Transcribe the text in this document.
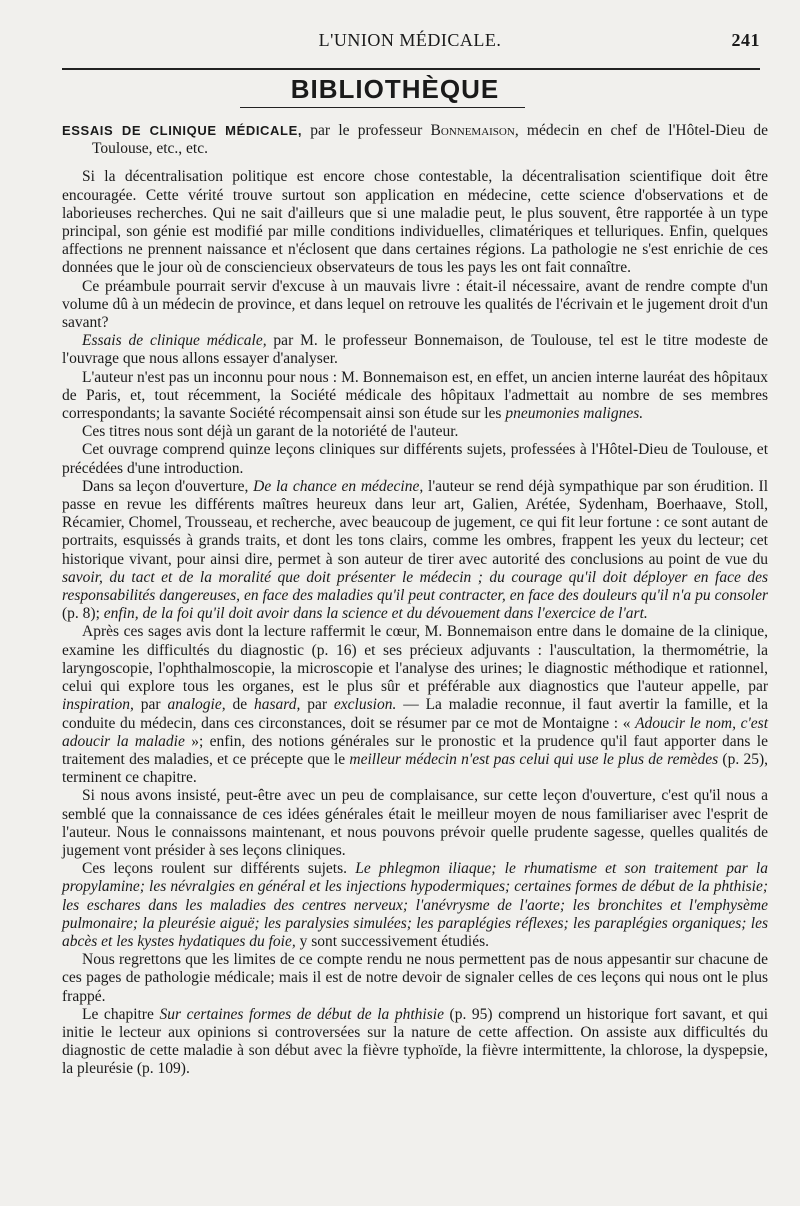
L'UNION MÉDICALE.	241
BIBLIOTHÈQUE

ESSAIS DE CLINIQUE MÉDICALE, par le professeur Bonnemaison, médecin en chef de l'Hôtel-Dieu de Toulouse, etc., etc.

Si la décentralisation politique est encore chose contestable, la décentralisation scientifique doit être encouragée. Cette vérité trouve surtout son application en médecine, cette science d'observations et de laborieuses recherches. Qui ne sait d'ailleurs que si une maladie peut, le plus souvent, être rapportée à un type principal, son génie est modifié par mille conditions individuelles, climatériques et telluriques. Enfin, quelques affections ne prennent naissance et n'éclosent que dans certaines régions. La pathologie ne s'est enrichie de ces données que le jour où de consciencieux observateurs de tous les pays les ont fait connaître.

Ce préambule pourrait servir d'excuse à un mauvais livre : était-il nécessaire, avant de rendre compte d'un volume dû à un médecin de province, et dans lequel on retrouve les qualités de l'écrivain et le jugement droit d'un savant?

Essais de clinique médicale, par M. le professeur Bonnemaison, de Toulouse, tel est le titre modeste de l'ouvrage que nous allons essayer d'analyser.

L'auteur n'est pas un inconnu pour nous : M. Bonnemaison est, en effet, un ancien interne lauréat des hôpitaux de Paris, et, tout récemment, la Société médicale des hôpitaux l'admettait au nombre de ses membres correspondants; la savante Société récompensait ainsi son étude sur les pneumonies malignes.

Ces titres nous sont déjà un garant de la notoriété de l'auteur.

Cet ouvrage comprend quinze leçons cliniques sur différents sujets, professées à l'Hôtel-Dieu de Toulouse, et précédées d'une introduction.

Dans sa leçon d'ouverture, De la chance en médecine, l'auteur se rend déjà sympathique par son érudition. Il passe en revue les différents maîtres heureux dans leur art, Galien, Arétée, Sydenham, Boerhaave, Stoll, Récamier, Chomel, Trousseau, et recherche, avec beaucoup de jugement, ce qui fit leur fortune : ce sont autant de portraits, esquissés à grands traits, et dont les tons clairs, comme les ombres, frappent les yeux du lecteur; cet historique vivant, pour ainsi dire, permet à son auteur de tirer avec autorité des conclusions au point de vue du savoir, du tact et de la moralité que doit présenter le médecin ; du courage qu'il doit déployer en face des responsabilités dangereuses, en face des maladies qu'il peut contracter, en face des douleurs qu'il n'a pu consoler (p. 8); enfin, de la foi qu'il doit avoir dans la science et du dévouement dans l'exercice de l'art.

Après ces sages avis dont la lecture raffermit le cœur, M. Bonnemaison entre dans le domaine de la clinique, examine les difficultés du diagnostic (p. 16) et ses précieux adjuvants : l'auscultation, la thermométrie, la laryngoscopie, l'ophthalmoscopie, la microscopie et l'analyse des urines; le diagnostic méthodique et rationnel, celui qui explore tous les organes, est le plus sûr et préférable aux diagnostics que l'auteur appelle, par inspiration, par analogie, de hasard, par exclusion. — La maladie reconnue, il faut avertir la famille, et la conduite du médecin, dans ces circonstances, doit se résumer par ce mot de Montaigne : « Adoucir le nom, c'est adoucir la maladie »; enfin, des notions générales sur le pronostic et la prudence qu'il faut apporter dans le traitement des maladies, et ce précepte que le meilleur médecin n'est pas celui qui use le plus de remèdes (p. 25), terminent ce chapitre.

Si nous avons insisté, peut-être avec un peu de complaisance, sur cette leçon d'ouverture, c'est qu'il nous a semblé que la connaissance de ces idées générales était le meilleur moyen de nous familiariser avec l'esprit de l'auteur. Nous le connaissons maintenant, et nous pouvons prévoir quelle prudente sagesse, quelles qualités de jugement vont présider à ses leçons cliniques.

Ces leçons roulent sur différents sujets. Le phlegmon iliaque; le rhumatisme et son traitement par la propylamine; les névralgies en général et les injections hypodermiques; certaines formes de début de la phthisie; les eschares dans les maladies des centres nerveux; l'anévrysme de l'aorte; les bronchites et l'emphysème pulmonaire; la pleurésie aiguë; les paralysies simulées; les paraplégies réflexes; les paraplégies organiques; les abcès et les kystes hydatiques du foie, y sont successivement étudiés.

Nous regrettons que les limites de ce compte rendu ne nous permettent pas de nous appesantir sur chacune de ces pages de pathologie médicale; mais il est de notre devoir de signaler celles de ces leçons qui nous ont le plus frappé.

Le chapitre Sur certaines formes de début de la phthisie (p. 95) comprend un historique fort savant, et qui initie le lecteur aux opinions si controversées sur la nature de cette affection. On assiste aux difficultés du diagnostic de cette maladie à son début avec la fièvre typhoïde, la fièvre intermittente, la chlorose, la dyspepsie, la pleurésie (p. 109).
